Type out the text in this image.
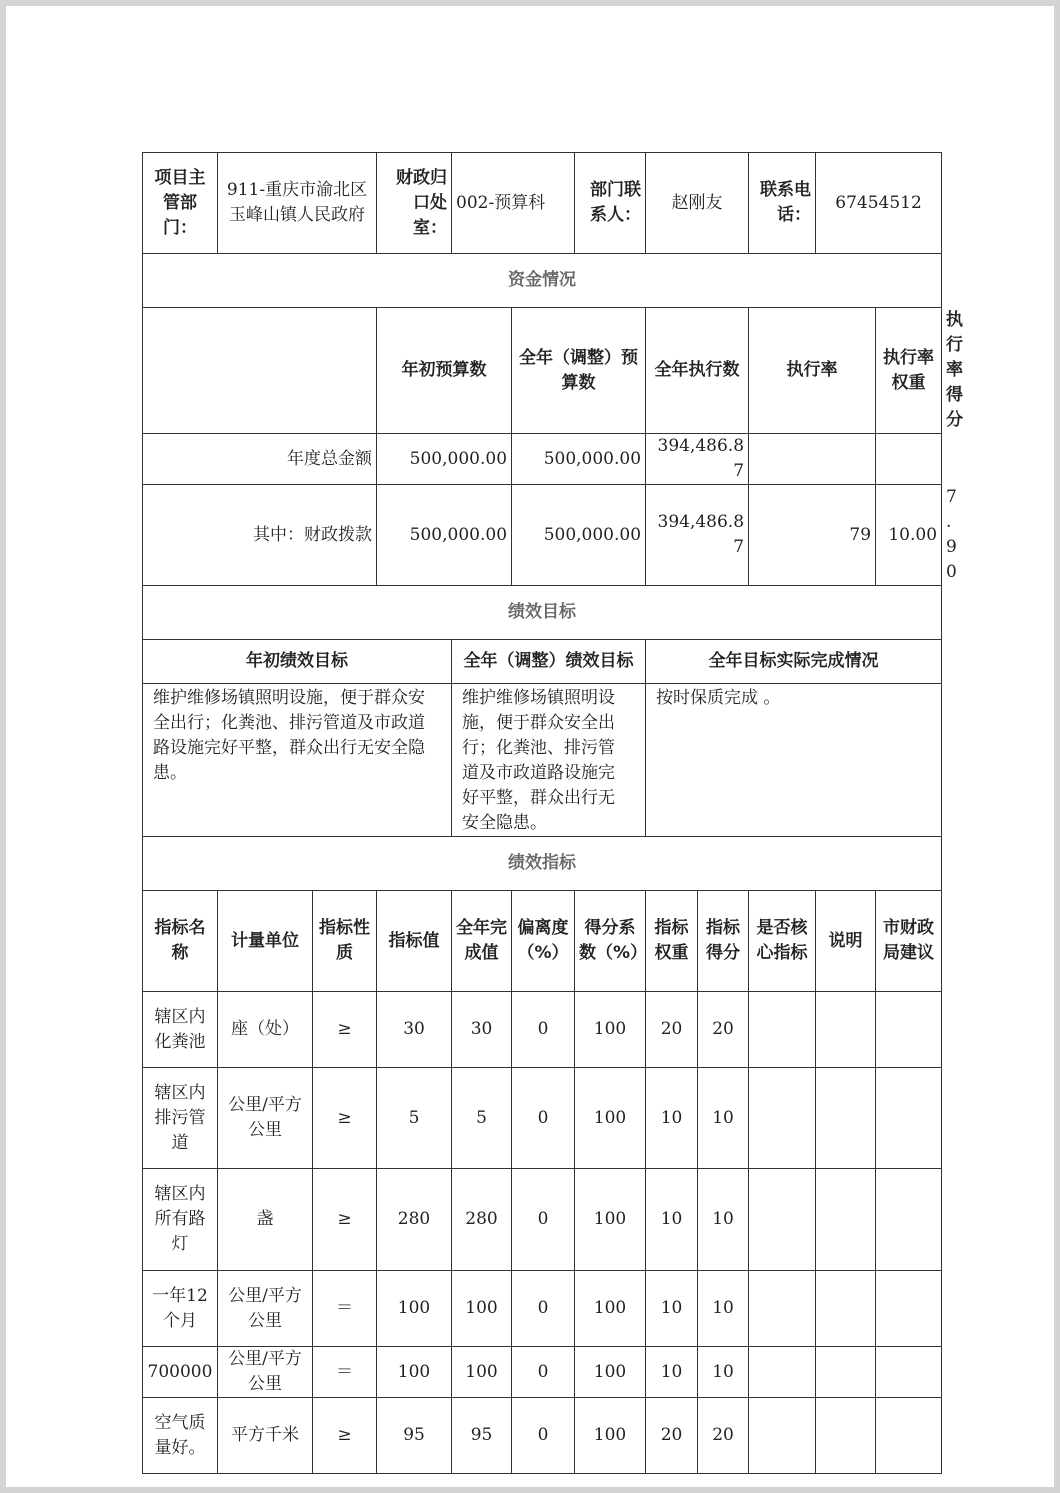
项目主管部门：	911-重庆市渝北区玉峰山镇人民政府		财政归口处室：	002-预算科		部门联系人：	赵刚友		联系电话：	67454512		
资金情况												
			年初预算数		全年（调整）预算数		全年执行数		执行率		执行率权重	执行率得分
年度总金额			500,000.00		500,000.00		394,486.87					
其中：财政拨款			500,000.00		500,000.00		394,486.87		79		10.00	7.90
绩效目标												
年初绩效目标				全年（调整）绩效目标			全年目标实际完成情况					
维护维修场镇照明设施，便于群众安全出行；化粪池、排污管道及市政道路设施完好平整，群众出行无安全隐患。				维护维修场镇照明设施，便于群众安全出行；化粪池、排污管道及市政道路设施完好平整，群众出行无安全隐患。			按时保质完成 。					
绩效指标												
指标名称	计量单位	指标性质	指标值	全年完成值	偏离度（%）	得分系数（%）	指标权重	指标得分	是否核心指标	说明	市财政局建议	
辖区内化粪池	座（处）	≥	30	30	0	100	20	20				
辖区内排污管道	公里/平方公里	≥	5	5	0	100	10	10				
辖区内所有路灯	盏	≥	280	280	0	100	10	10				
一年12个月	公里/平方公里	＝	100	100	0	100	10	10				
700000	公里/平方公里	＝	100	100	0	100	10	10				
空气质量好。	平方千米	≥	95	95	0	100	20	20				
